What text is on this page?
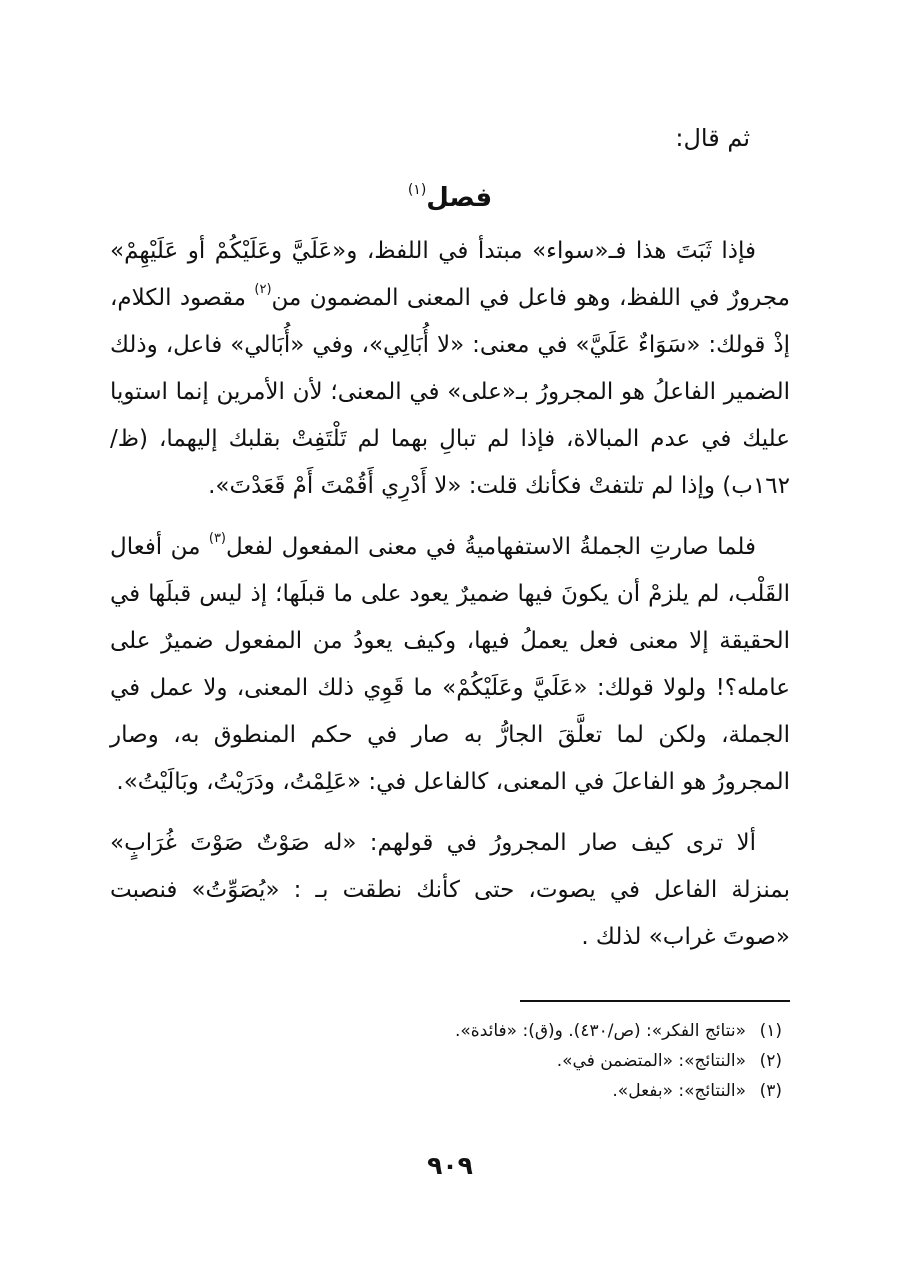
ثم قال:
فصل$^{(١)}$

فإذا ثَبَتَ هذا فـ«سواء» مبتدأ في اللفظ، و«عَلَيَّ وعَلَيْكُمْ أو عَلَيْهِمْ» مجرورٌ في اللفظ، وهو فاعل في المعنى المضمون من$^{(٢)}$ مقصود الكلام، إذْ قولك: «سَوَاءٌ عَلَيَّ» في معنى: «لا أُبَالِي»، وفي «أُبَالي» فاعل، وذلك الضمير الفاعلُ هو المجرورُ بـ«على» في المعنى؛ لأن الأمرين إنما استويا عليك في عدم المبالاة، فإذا لم تبالِ بهما لم تَلْتَفِتْ بقلبك إليهما، (ظ/١٦٢ب) وإذا لم تلتفتْ فكأنك قلت: «لا أَدْرِي أَقُمْتَ أَمْ قَعَدْتَ».

فلما صارتِ الجملةُ الاستفهاميةُ في معنى المفعول لفعل$^{(٣)}$ من أفعال القَلْب، لم يلزمْ أن يكونَ فيها ضميرٌ يعود على ما قبلَها؛ إذ ليس قبلَها في الحقيقة إلا معنى فعل يعملُ فيها، وكيف يعودُ من المفعول ضميرٌ على عامله؟! ولولا قولك: «عَلَيَّ وعَلَيْكُمْ» ما قَوِي ذلك المعنى، ولا عمل في الجملة، ولكن لما تعلَّقَ الجارُّ به صار في حكم المنطوق به، وصار المجرورُ هو الفاعلَ في المعنى، كالفاعل في: «عَلِمْتُ، ودَرَيْتُ، وبَالَيْتُ».

ألا ترى كيف صار المجرورُ في قولهم: «له صَوْتٌ صَوْتَ غُرَابٍ» بمنزلة الفاعل في يصوت، حتى كأنك نطقت بـ : «يُصَوِّتُ» فنصبت «صوتَ غراب» لذلك .

(١)«نتائج الفكر»: (ص/٤٣٠). و(ق): «فائدة».
(٢)«النتائج»: «المتضمن في».
(٣)«النتائج»: «بفعل».
٩٠٩
